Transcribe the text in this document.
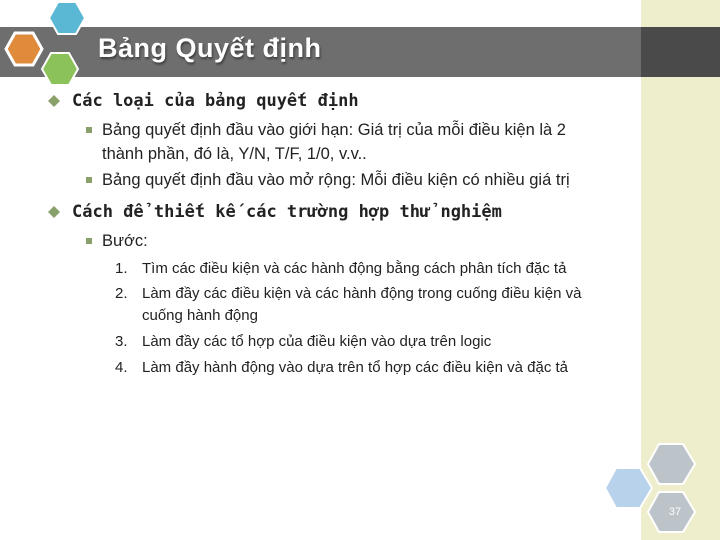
Bảng Quyết định
Các loại của bảng quyết định
Bảng quyết định đầu vào giới hạn: Giá trị của mỗi điều kiện là 2
thành phần, đó là, Y/N, T/F, 1/0, v.v..
Bảng quyết định đầu vào mở rộng: Mỗi điều kiện có nhiều giá trị
Cách để thiết kế các trường hợp thử nghiệm
Bước:
1. Tìm các điều kiện và các hành động bằng cách phân tích đặc tả
2. Làm đầy các điều kiện và các hành động trong cuống điều kiện và
cuống hành động
3. Làm đầy các tổ hợp của điều kiện vào dựa trên logic
4. Làm đầy hành động vào dựa trên tổ hợp các điều kiện và đặc tả
37
